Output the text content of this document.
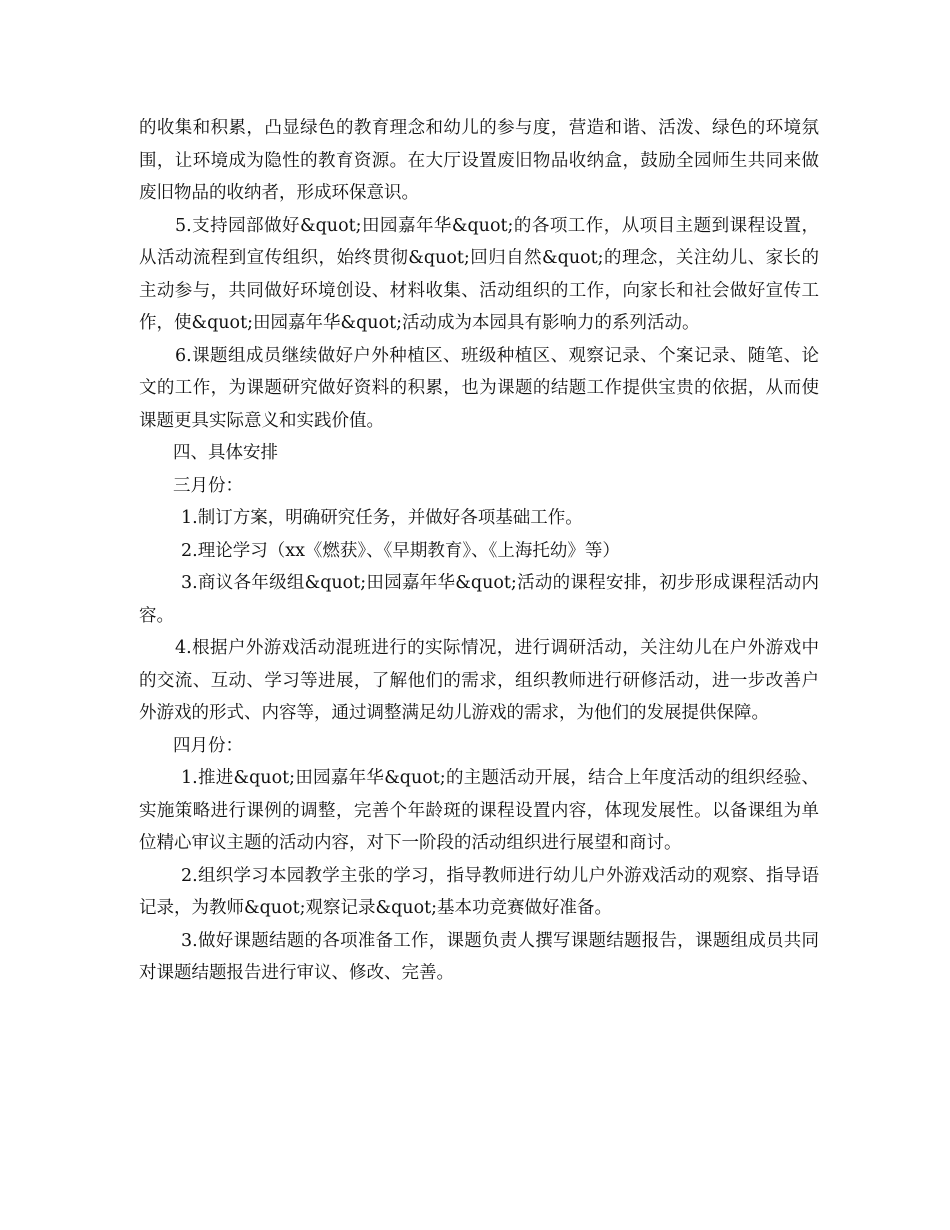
的收集和积累，凸显绿色的教育理念和幼儿的参与度，营造和谐、活泼、绿色的环境氛围，让环境成为隐性的教育资源。在大厅设置废旧物品收纳盒，鼓励全园师生共同来做废旧物品的收纳者，形成环保意识。

5.支持园部做好&quot;田园嘉年华&quot;的各项工作，从项目主题到课程设置，从活动流程到宣传组织，始终贯彻&quot;回归自然&quot;的理念，关注幼儿、家长的主动参与，共同做好环境创设、材料收集、活动组织的工作，向家长和社会做好宣传工作，使&quot;田园嘉年华&quot;活动成为本园具有影响力的系列活动。

6.课题组成员继续做好户外种植区、班级种植区、观察记录、个案记录、随笔、论文的工作，为课题研究做好资料的积累，也为课题的结题工作提供宝贵的依据，从而使课题更具实际意义和实践价值。

四、具体安排

三月份：

1.制订方案，明确研究任务，并做好各项基础工作。

2.理论学习（xx《燃获》、《早期教育》、《上海托幼》等）

3.商议各年级组&quot;田园嘉年华&quot;活动的课程安排，初步形成课程活动内容。

4.根据户外游戏活动混班进行的实际情况，进行调研活动，关注幼儿在户外游戏中的交流、互动、学习等进展，了解他们的需求，组织教师进行研修活动，进一步改善户外游戏的形式、内容等，通过调整满足幼儿游戏的需求，为他们的发展提供保障。

四月份：

1.推进&quot;田园嘉年华&quot;的主题活动开展，结合上年度活动的组织经验、实施策略进行课例的调整，完善个年龄斑的课程设置内容，体现发展性。以备课组为单位精心审议主题的活动内容，对下一阶段的活动组织进行展望和商讨。

2.组织学习本园教学主张的学习，指导教师进行幼儿户外游戏活动的观察、指导语记录，为教师&quot;观察记录&quot;基本功竞赛做好准备。

3.做好课题结题的各项准备工作，课题负责人撰写课题结题报告，课题组成员共同对课题结题报告进行审议、修改、完善。
